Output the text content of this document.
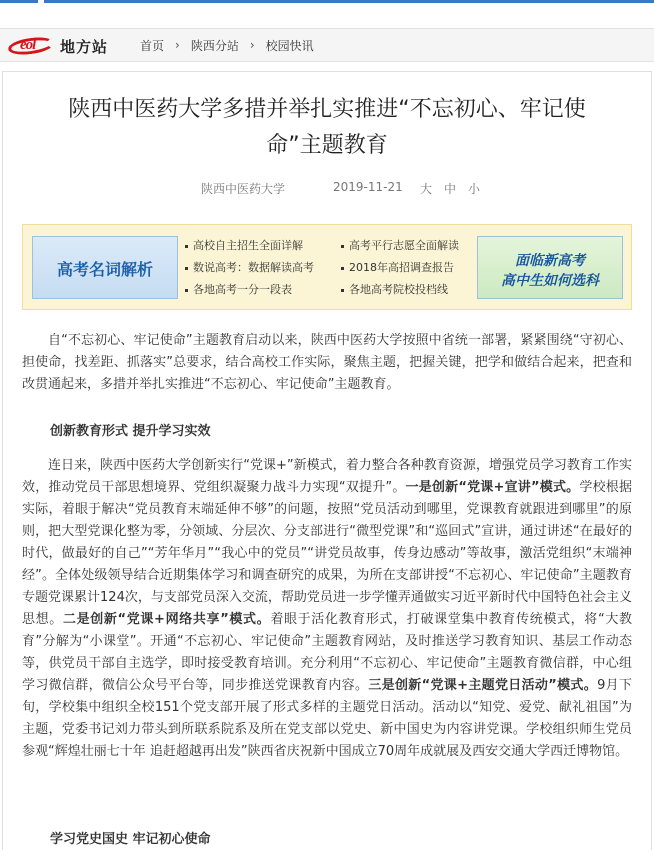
eol 地方站	首页 › 陕西分站 › 校园快讯
陕西中医药大学多措并举扎实推进“不忘初心、牢记使
命”主题教育
陕西中医药大学	2019-11-21 大 中 小
高考名词解析
高校自主招生全面详解
数说高考：数据解读高考
各地高考一分一段表
高考平行志愿全面解读
2018年高招调查报告
各地高考院校投档线
面临新高考
高中生如何选科

自“不忘初心、牢记使命”主题教育启动以来，陕西中医药大学按照中省统一部署，紧紧围绕“守初心、担使命，找差距、抓落实”总要求，结合高校工作实际，聚焦主题，把握关键，把学和做结合起来，把查和改贯通起来，多措并举扎实推进“不忘初心、牢记使命”主题教育。

创新教育形式 提升学习实效

连日来，陕西中医药大学创新实行“党课+”新模式，着力整合各种教育资源，增强党员学习教育工作实效，推动党员干部思想境界、党组织凝聚力战斗力实现“双提升”。一是创新“党课+宣讲”模式。学校根据实际，着眼于解决“党员教育末端延伸不够”的问题，按照“党员活动到哪里，党课教育就跟进到哪里”的原则，把大型党课化整为零，分领域、分层次、分支部进行“微型党课”和“巡回式”宣讲，通过讲述“在最好的时代，做最好的自己”“芳年华月”“我心中的党员”“讲党员故事，传身边感动”等故事，激活党组织“末端神经”。全体处级领导结合近期集体学习和调查研究的成果，为所在支部讲授“不忘初心、牢记使命”主题教育专题党课累计124次，与支部党员深入交流，帮助党员进一步学懂弄通做实习近平新时代中国特色社会主义思想。二是创新“党课+网络共享”模式。着眼于活化教育形式，打破课堂集中教育传统模式，将“大教育”分解为“小课堂”。开通“不忘初心、牢记使命”主题教育网站，及时推送学习教育知识、基层工作动态等，供党员干部自主选学，即时接受教育培训。充分利用“不忘初心、牢记使命”主题教育微信群，中心组学习微信群，微信公众号平台等，同步推送党课教育内容。三是创新“党课+主题党日活动”模式。9月下旬，学校集中组织全校151个党支部开展了形式多样的主题党日活动。活动以“知党、爱党、献礼祖国”为主题，党委书记刘力带头到所联系院系及所在党支部以党史、新中国史为内容讲党课。学校组织师生党员参观“辉煌壮丽七十年 追赶超越再出发”陕西省庆祝新中国成立70周年成就展及西安交通大学西迁博物馆。

学习党史国史 牢记初心使命
